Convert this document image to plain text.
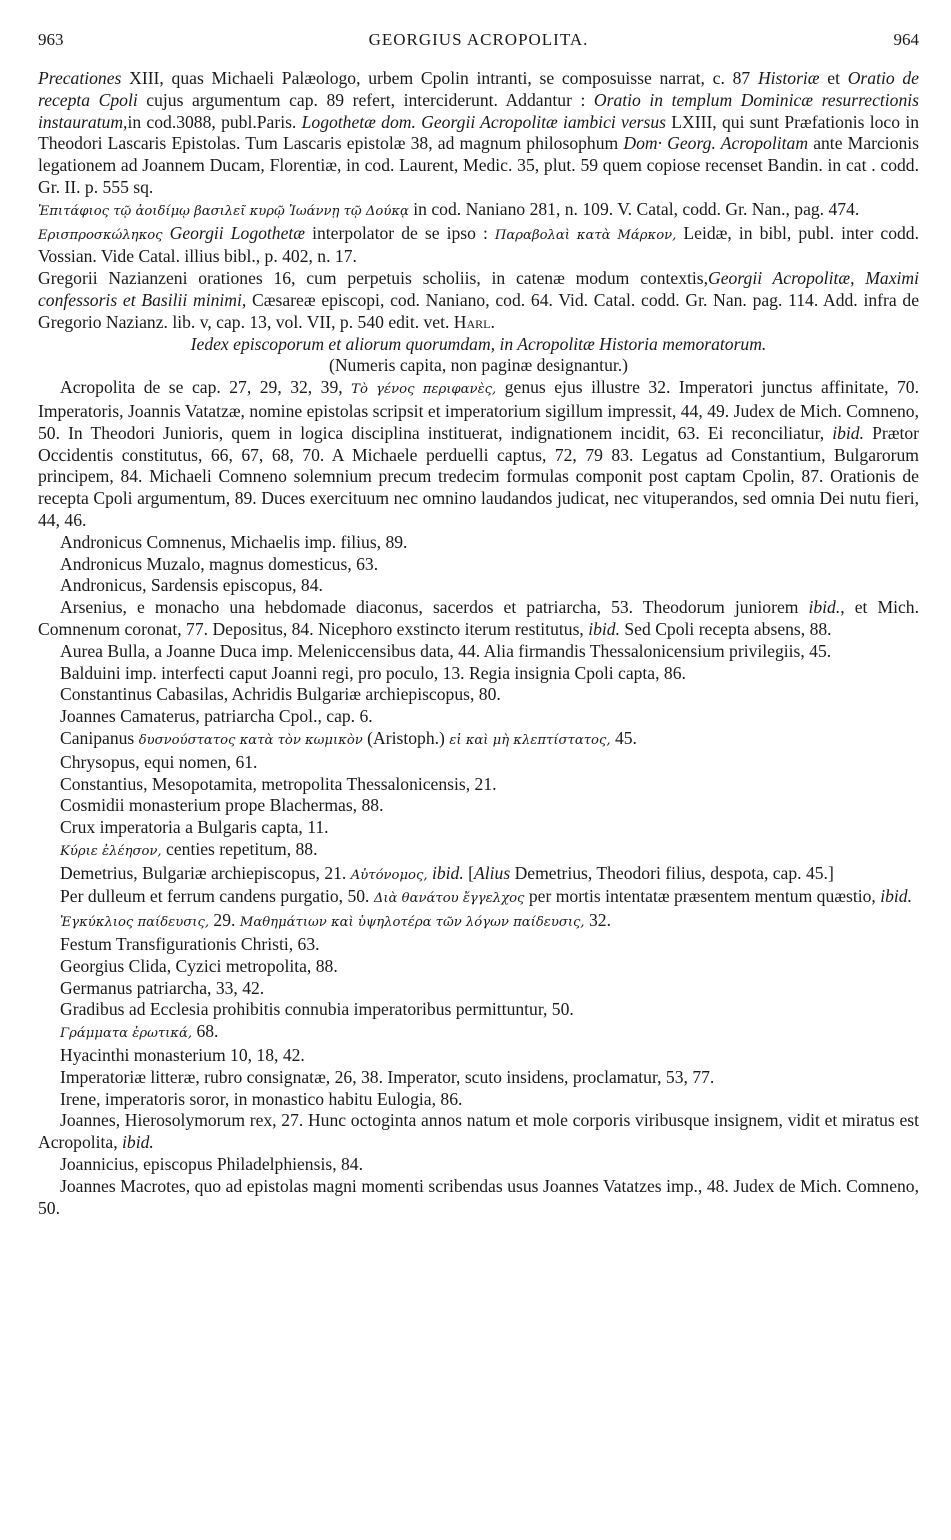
963	GEORGIUS ACROPOLITA.	964

Precationes XIII, quas Michaeli Palæologo, urbem Cpolin intranti, se composuisse narrat, c. 87 Historiæ et Oratio de recepta Cpoli cujus argumentum cap. 89 refert, interciderunt. Addantur : Oratio in templum Dominicæ resurrectionis instauratum,in cod.3088, publ.Paris. Logothetæ dom. Georgii Acropolitæ iambici versus LXIII, qui sunt Præfationis loco in Theodori Lascaris Epistolas. Tum Lascaris epistolæ 38, ad magnum philosophum Dom· Georg. Acropolitam ante Marcionis legationem ad Joannem Ducam, Florentiæ, in cod. Laurent, Medic. 35, plut. 59 quem copiose recenset Bandin. in cat . codd. Gr. II. p. 555 sq.

Ἐπιτάφιος τῷ ἀοιδίμῳ βασιλεῖ κυρῷ Ἰωάννῃ τῷ Δούκᾳ in cod. Naniano 281, n. 109. V. Catal, codd. Gr. Nan., pag. 474.

Ερισπροσκώληκος Georgii Logothetæ interpolator de se ipso : Παραβολαὶ κατὰ Μάρκον, Leidæ, in bibl, publ. inter codd. Vossian. Vide Catal. illius bibl., p. 402, n. 17.

Gregorii Nazianzeni orationes 16, cum perpetuis scholiis, in catenæ modum contextis,Georgii Acropolitæ, Maximi confessoris et Basilii minimi, Cæsareæ episcopi, cod. Naniano, cod. 64. Vid. Catal. codd. Gr. Nan. pag. 114. Add. infra de Gregorio Nazianz. lib. v, cap. 13, vol. VII, p. 540 edit. vet. Harl.

Iedex episcoporum et aliorum quorumdam, in Acropolitæ Historia memoratorum.

(Numeris capita, non paginæ designantur.)

Acropolita de se cap. 27, 29, 32, 39, Τὸ γένος περιφανὲς, genus ejus illustre 32. Imperatori junctus affinitate, 70. Imperatoris, Joannis Vatatzæ, nomine epistolas scripsit et imperatorium sigillum impressit, 44, 49. Judex de Mich. Comneno, 50. In Theodori Junioris, quem in logica disciplina instituerat, indignationem incidit, 63. Ei reconciliatur, ibid. Prætor Occidentis constitutus, 66, 67, 68, 70. A Michaele perduelli captus, 72, 79 83. Legatus ad Constantium, Bulgarorum principem, 84. Michaeli Comneno solemnium precum tredecim formulas componit post captam Cpolin, 87. Orationis de recepta Cpoli argumentum, 89. Duces exercituum nec omnino laudandos judicat, nec vituperandos, sed omnia Dei nutu fieri, 44, 46.

Andronicus Comnenus, Michaelis imp. filius, 89.

Andronicus Muzalo, magnus domesticus, 63.

Andronicus, Sardensis episcopus, 84.

Arsenius, e monacho una hebdomade diaconus, sacerdos et patriarcha, 53. Theodorum juniorem ibid., et Mich. Comnenum coronat, 77. Depositus, 84. Nicephoro exstincto iterum restitutus, ibid. Sed Cpoli recepta absens, 88.

Aurea Bulla, a Joanne Duca imp. Meleniccensibus data, 44. Alia firmandis Thessalonicensium privilegiis, 45.

Balduini imp. interfecti caput Joanni regi, pro poculo, 13. Regia insignia Cpoli capta, 86.

Constantinus Cabasilas, Achridis Bulgariæ archiepiscopus, 80.

Joannes Camaterus, patriarcha Cpol., cap. 6.

Canipanus δυσνούστατος κατὰ τὸν κωμικὸν (Aristoph.) εἰ καὶ μὴ κλεπτίστατος, 45.

Chrysopus, equi nomen, 61.

Constantius, Mesopotamita, metropolita Thessalonicensis, 21.

Cosmidii monasterium prope Blachermas, 88.

Crux imperatoria a Bulgaris capta, 11.

Κύριε ἐλέησον, centies repetitum, 88.

Demetrius, Bulgariæ archiepiscopus, 21. Αὐτόνομος, ibid. [Alius Demetrius, Theodori filius, despota, cap. 45.]

Per dulleum et ferrum candens purgatio, 50. Διὰ θανάτου ἔγγελχος per mortis intentatæ præsentem mentum quæstio, ibid.

Ἐγκύκλιος παίδευσις, 29. Μαθημάτιων καὶ ὑψηλοτέρα τῶν λόγων παίδευσις, 32.

Festum Transfigurationis Christi, 63.

Georgius Clida, Cyzici metropolita, 88.

Germanus patriarcha, 33, 42.

Gradibus ad Ecclesia prohibitis connubia imperatoribus permittuntur, 50.

Γράμματα ἐρωτικά, 68.

Hyacinthi monasterium 10, 18, 42.

Imperatoriæ litteræ, rubro consignatæ, 26, 38. Imperator, scuto insidens, proclamatur, 53, 77.

Irene, imperatoris soror, in monastico habitu Eulogia, 86.

Joannes, Hierosolymorum rex, 27. Hunc octoginta annos natum et mole corporis viribusque insignem, vidit et miratus est Acropolita, ibid.

Joannicius, episcopus Philadelphiensis, 84.

Joannes Macrotes, quo ad epistolas magni momenti scribendas usus Joannes Vatatzes imp., 48. Judex de Mich. Comneno, 50.
